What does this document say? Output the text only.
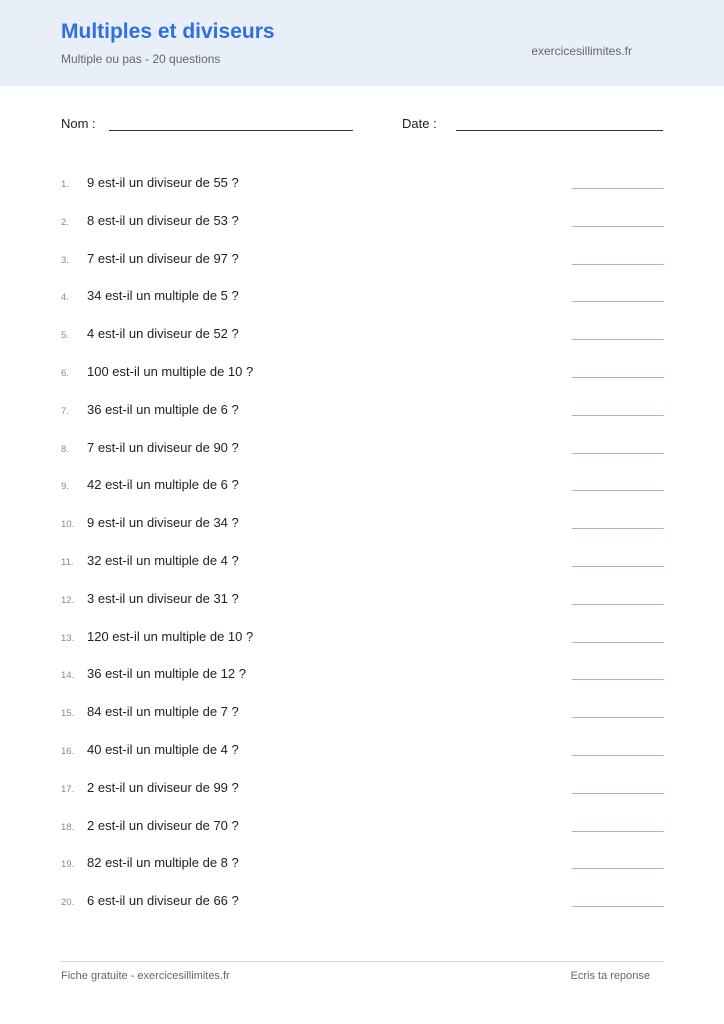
Multiples et diviseurs
Multiple ou pas - 20 questions
exercicesillimites.fr
Nom :	Date :
1.	9 est-il un diviseur de 55 ?
2.	8 est-il un diviseur de 53 ?
3.	7 est-il un diviseur de 97 ?
4.	34 est-il un multiple de 5 ?
5.	4 est-il un diviseur de 52 ?
6.	100 est-il un multiple de 10 ?
7.	36 est-il un multiple de 6 ?
8.	7 est-il un diviseur de 90 ?
9.	42 est-il un multiple de 6 ?
10. 9 est-il un diviseur de 34 ?
11.	32 est-il un multiple de 4 ?
12. 3 est-il un diviseur de 31 ?
13. 120 est-il un multiple de 10 ?
14. 36 est-il un multiple de 12 ?
15. 84 est-il un multiple de 7 ?
16. 40 est-il un multiple de 4 ?
17. 2 est-il un diviseur de 99 ?
18. 2 est-il un diviseur de 70 ?
19. 82 est-il un multiple de 8 ?
20. 6 est-il un diviseur de 66 ?
Fiche gratuite - exercicesillimites.fr	Ecris ta reponse
